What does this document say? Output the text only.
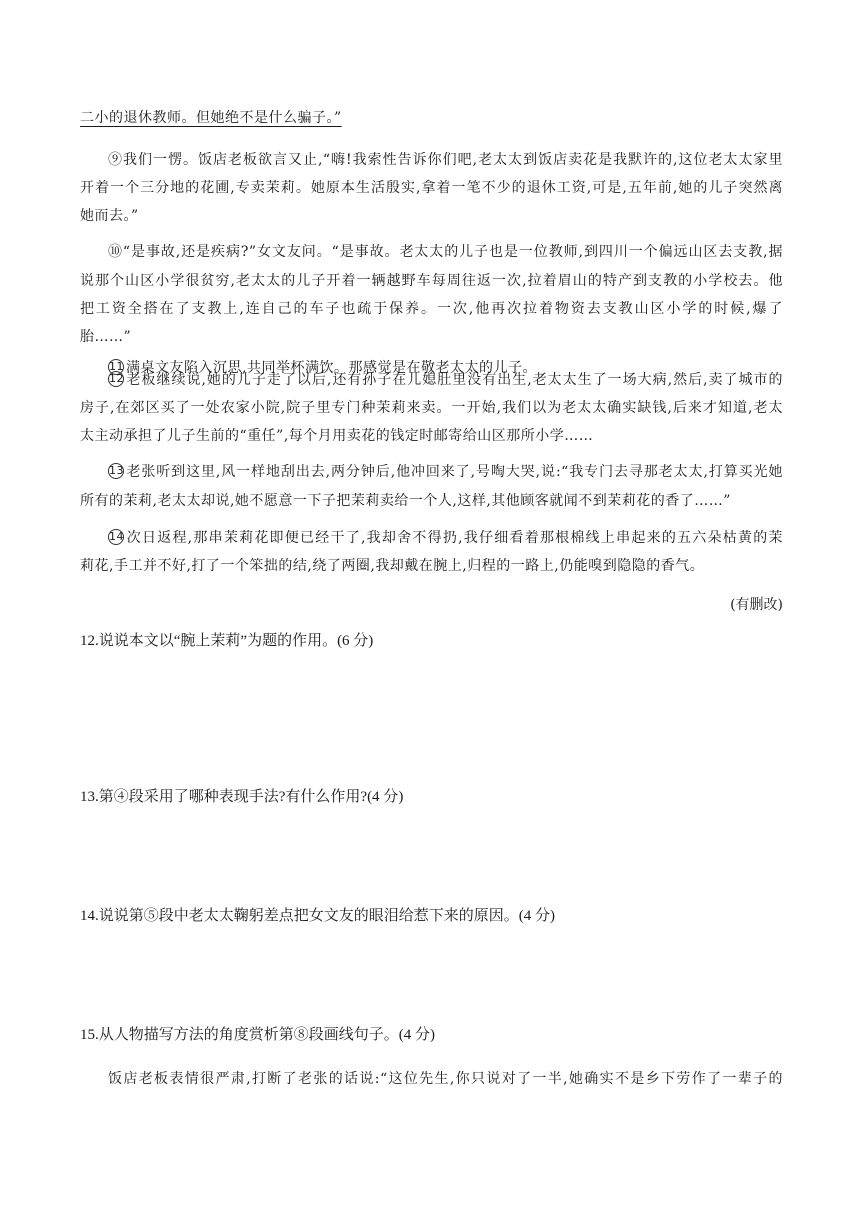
二小的退休教师。但她绝不是什么骗子。”
⑨我们一愣。饭店老板欲言又止,“嗨!我索性告诉你们吧,老太太到饭店卖花是我默许的,这位老太太家里
开着一个三分地的花圃,专卖茉莉。她原本生活殷实,拿着一笔不少的退休工资,可是,五年前,她的儿子突然离
她而去。”
⑩“是事故,还是疾病?”女文友问。“是事故。老太太的儿子也是一位教师,到四川一个偏远山区去支教,据
说那个山区小学很贫穷,老太太的儿子开着一辆越野车每周往返一次,拉着眉山的特产到支教的小学校去。他
把工资全搭在了支教上,连自己的车子也疏于保养。一次,他再次拉着物资去支教山区小学的时候,爆了
胎……”
11 满桌文友陷入沉思,共同举杯满饮。那感觉是在敬老太太的儿子。
12 老板继续说,她的儿子走了以后,还有孙子在儿媳肚里没有出生,老太太生了一场大病,然后,卖了城市的
房子,在郊区买了一处农家小院,院子里专门种茉莉来卖。一开始,我们以为老太太确实缺钱,后来才知道,老太
太主动承担了儿子生前的“重任”,每个月用卖花的钱定时邮寄给山区那所小学……
13 老张听到这里,风一样地刮出去,两分钟后,他冲回来了,号啕大哭,说:“我专门去寻那老太太,打算买光她
所有的茉莉,老太太却说,她不愿意一下子把茉莉卖给一个人,这样,其他顾客就闻不到茉莉花的香了……”
14 次日返程,那串茉莉花即便已经干了,我却舍不得扔,我仔细看着那根棉线上串起来的五六朵枯黄的茉
莉花,手工并不好,打了一个笨拙的结,绕了两圈,我却戴在腕上,归程的一路上,仍能嗅到隐隐的香气。
(有删改)
12.说说本文以“腕上茉莉”为题的作用。(6 分)
13.第④段采用了哪种表现手法?有什么作用?(4 分)
14.说说第⑤段中老太太鞠躬差点把女文友的眼泪给惹下来的原因。(4 分)
15.从人物描写方法的角度赏析第⑧段画线句子。(4 分)
饭店老板表情很严肃,打断了老张的话说:“这位先生,你只说对了一半,她确实不是乡下劳作了一辈子的
